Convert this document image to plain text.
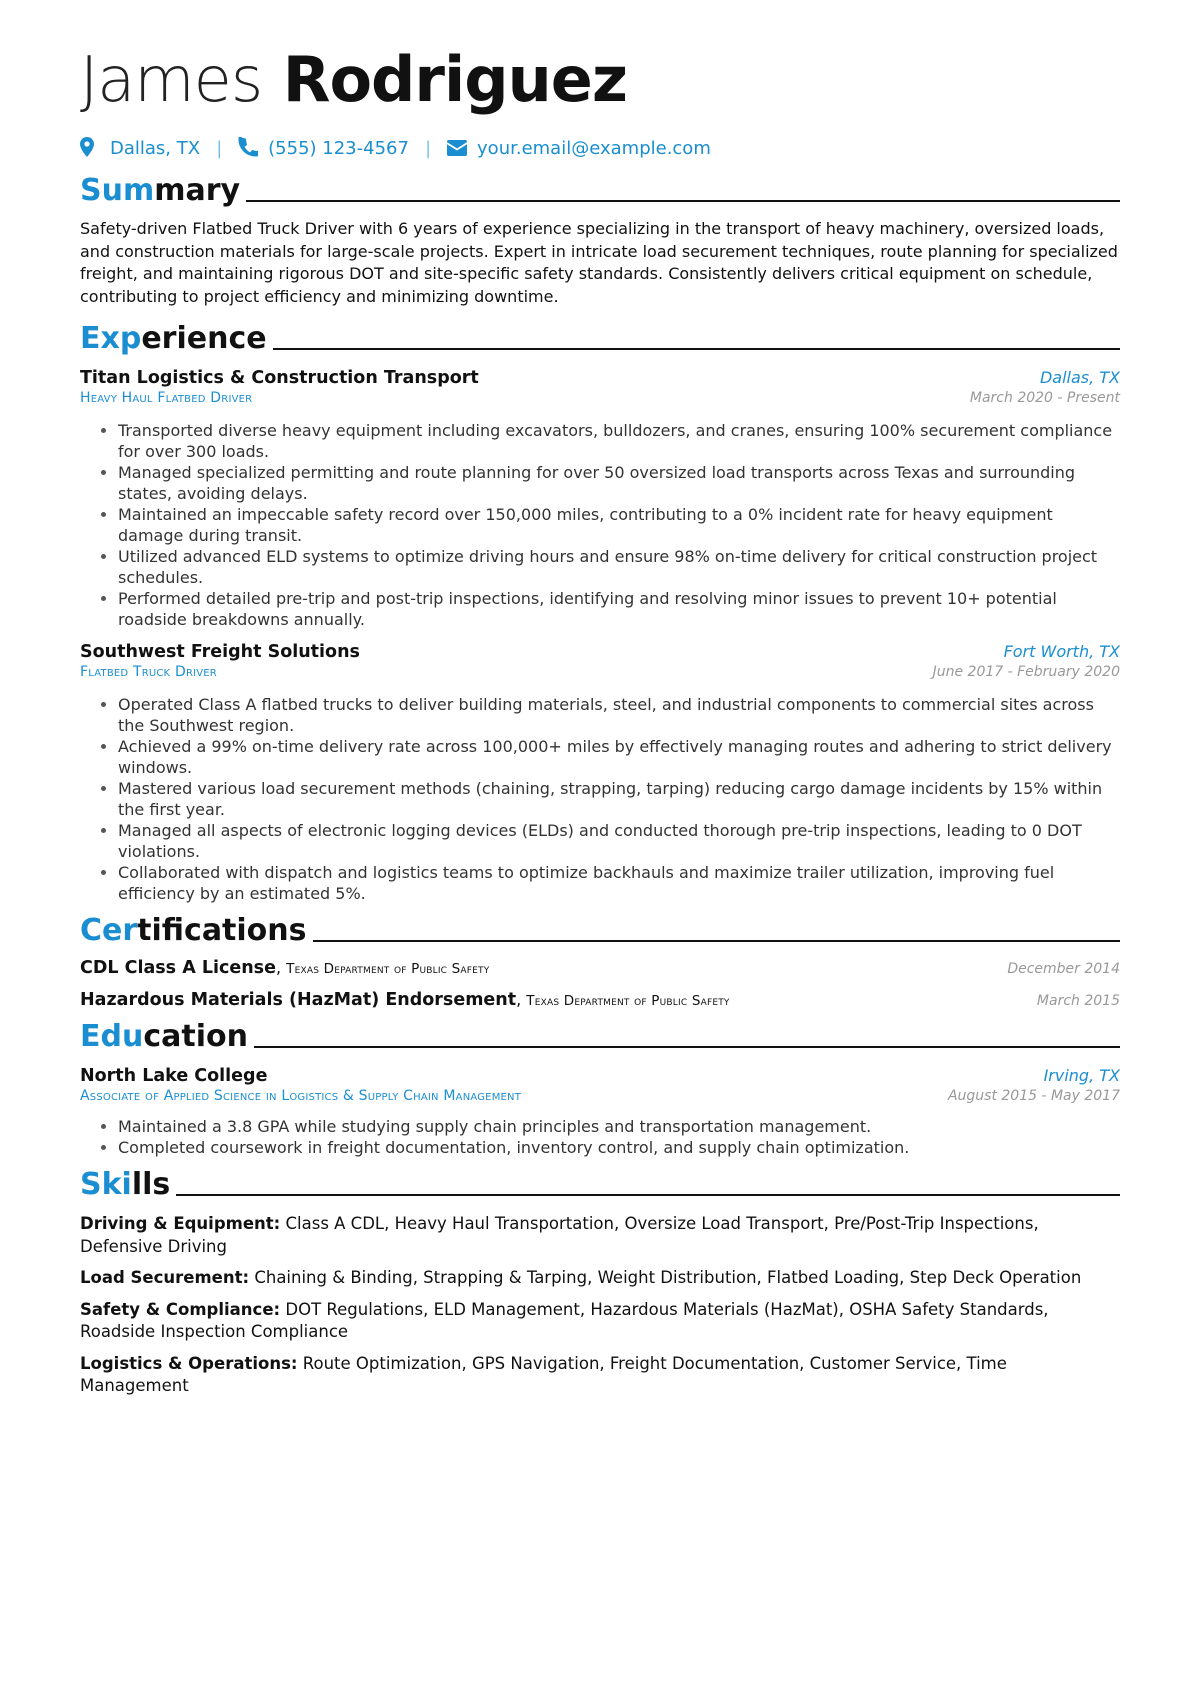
James Rodriguez
Dallas, TX |	(555) 123-4567 |	your.email@example.com
Summary

Safety-driven Flatbed Truck Driver with 6 years of experience specializing in the transport of heavy machinery, oversized loads, and construction materials for large-scale projects. Expert in intricate load securement techniques, route planning for specialized freight, and maintaining rigorous DOT and site-specific safety standards. Consistently delivers critical equipment on schedule, contributing to project efficiency and minimizing downtime.

Experience
Titan Logistics & Construction Transport	Dallas, TX
Heavy Haul Flatbed Driver	March 2020 - Present
• Transported diverse heavy equipment including excavators, bulldozers, and cranes, ensuring 100% securement compliance for over 300 loads.
• Managed specialized permitting and route planning for over 50 oversized load transports across Texas and surrounding states, avoiding delays.
• Maintained an impeccable safety record over 150,000 miles, contributing to a 0% incident rate for heavy equipment damage during transit.
• Utilized advanced ELD systems to optimize driving hours and ensure 98% on-time delivery for critical construction project schedules.
• Performed detailed pre-trip and post-trip inspections, identifying and resolving minor issues to prevent 10+ potential roadside breakdowns annually.
Southwest Freight Solutions	Fort Worth, TX
Flatbed Truck Driver	June 2017 - February 2020
• Operated Class A flatbed trucks to deliver building materials, steel, and industrial components to commercial sites across the Southwest region.
• Achieved a 99% on-time delivery rate across 100,000+ miles by effectively managing routes and adhering to strict delivery windows.
• Mastered various load securement methods (chaining, strapping, tarping) reducing cargo damage incidents by 15% within the first year.
• Managed all aspects of electronic logging devices (ELDs) and conducted thorough pre-trip inspections, leading to 0 DOT violations.
• Collaborated with dispatch and logistics teams to optimize backhauls and maximize trailer utilization, improving fuel efficiency by an estimated 5%.
Certifications
CDL Class A License, Texas Department of Public Safety	December 2014
Hazardous Materials (HazMat) Endorsement, Texas Department of Public Safety	March 2015
Education
North Lake College	Irving, TX
Associate of Applied Science in Logistics & Supply Chain Management	August 2015 - May 2017
• Maintained a 3.8 GPA while studying supply chain principles and transportation management.
• Completed coursework in freight documentation, inventory control, and supply chain optimization.
Skills
Driving & Equipment: Class A CDL, Heavy Haul Transportation, Oversize Load Transport, Pre/Post-Trip Inspections, Defensive Driving
Load Securement: Chaining & Binding, Strapping & Tarping, Weight Distribution, Flatbed Loading, Step Deck Operation
Safety & Compliance: DOT Regulations, ELD Management, Hazardous Materials (HazMat), OSHA Safety Standards, Roadside Inspection Compliance
Logistics & Operations: Route Optimization, GPS Navigation, Freight Documentation, Customer Service, Time Management
